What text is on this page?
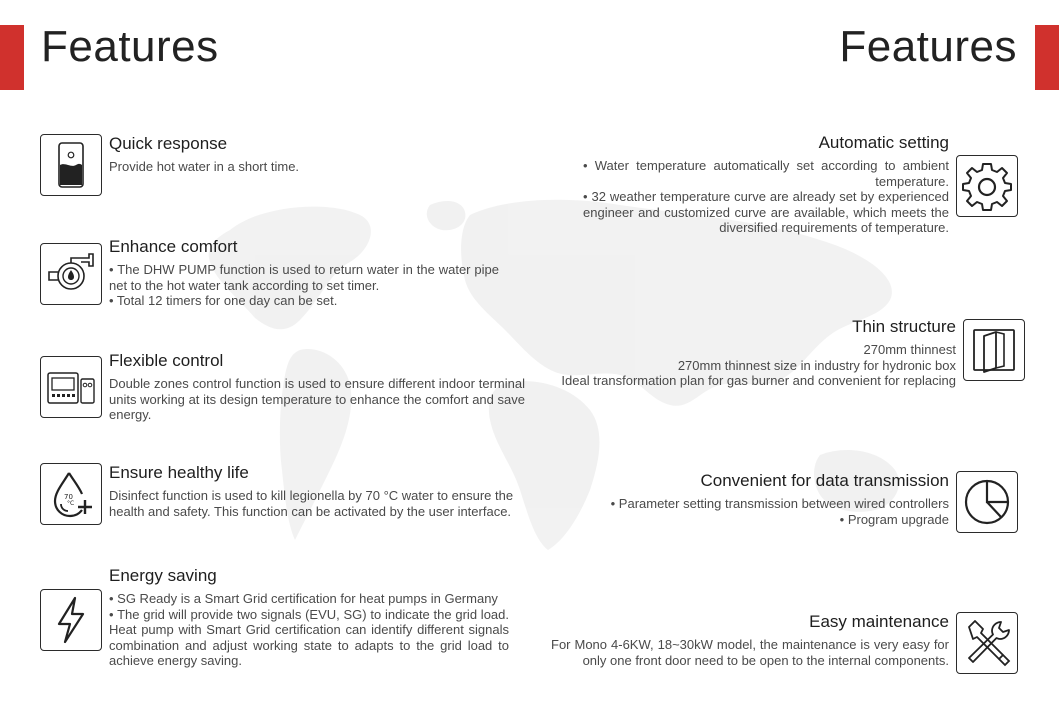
Features	Features
Quick response

Provide hot water in a short time.

Enhance comfort

• The DHW PUMP function is used to return water in the water pipe net to the hot water tank according to set timer.

• Total 12 timers for one day can be set.

Flexible control

Double zones control function is used to ensure different indoor terminal units working at its design temperature to enhance the comfort and save energy.

70
°C
Ensure healthy life

Disinfect function is used to kill legionella by 70 °C water to ensure the health and safety. This function can be activated by the user interface.

Energy saving

• SG Ready is a Smart Grid certification for heat pumps in Germany

• The grid will provide two signals (EVU, SG) to indicate the grid load. Heat pump with Smart Grid certification can identify different signals combination and adjust working state to adapts to the grid load to achieve energy saving.

Automatic setting

• Water temperature automatically set according to ambient temperature.

• 32 weather temperature curve are already set by experienced engineer and customized curve are available, which meets the diversified requirements of temperature.

Thin structure

270mm thinnest

270mm thinnest size in industry for hydronic box

Ideal transformation plan for gas burner and convenient for replacing

Convenient for data transmission

• Parameter setting transmission between wired controllers

• Program upgrade

Easy maintenance

For Mono 4-6KW, 18~30kW model, the maintenance is very easy for only one front door need to be open to the internal components.
